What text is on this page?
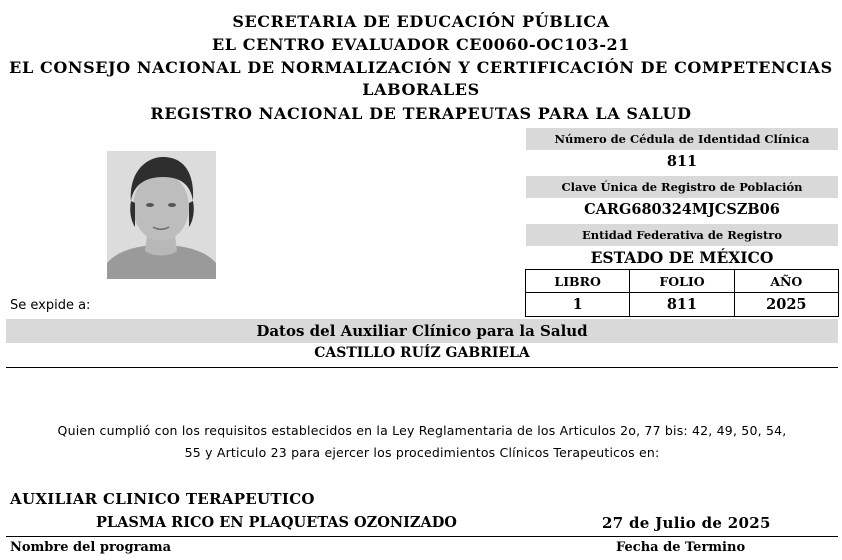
SECRETARIA DE EDUCACIÓN PÚBLICA
EL CENTRO EVALUADOR CE0060-OC103-21
EL CONSEJO NACIONAL DE NORMALIZACIÓN Y CERTIFICACIÓN DE COMPETENCIAS
LABORALES
REGISTRO NACIONAL DE TERAPEUTAS PARA LA SALUD
Se expide a:
Número de Cédula de Identidad Clínica
811
Clave Única de Registro de Población
CARG680324MJCSZB06
Entidad Federativa de Registro
ESTADO DE MÉXICO
LIBRO	FOLIO	AÑO
1	811	2025
Datos del Auxiliar Clínico para la Salud
CASTILLO RUÍZ GABRIELA
Quien cumplió con los requisitos establecidos en la Ley Reglamentaria de los Articulos 2o, 77 bis: 42, 49, 50, 54,
55 y Articulo 23 para ejercer los procedimientos Clínicos Terapeuticos en:
AUXILIAR CLINICO TERAPEUTICO
PLASMA RICO EN PLAQUETAS OZONIZADO	27 de Julio de 2025
Nombre del programa	Fecha de Termino
